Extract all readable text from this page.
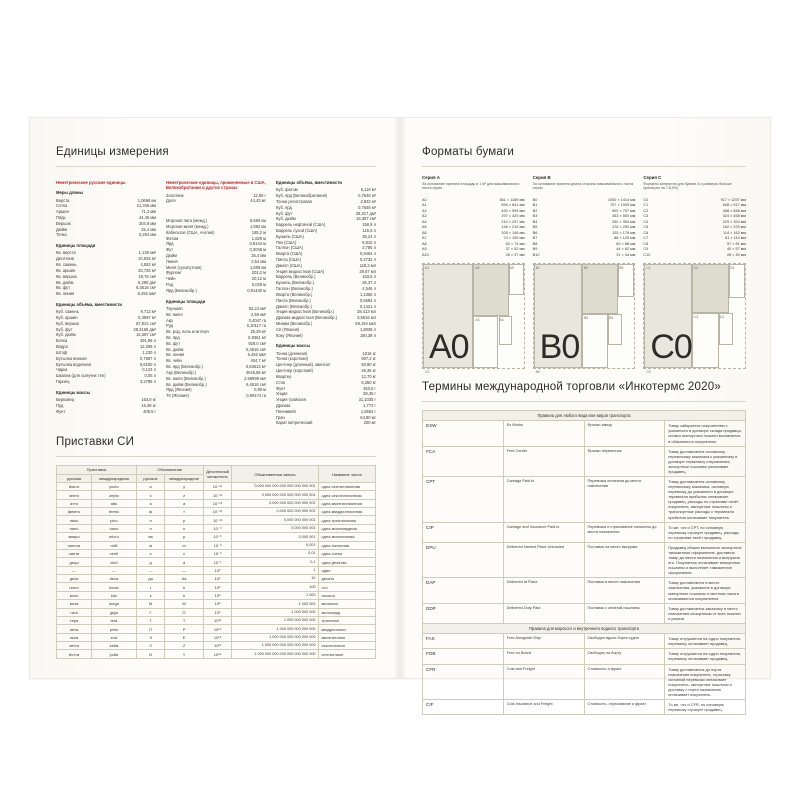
Единицы измерения
Неметрические русские единицы
Меры длины
Верста	1,0668 км
Сотка	21,336 мм
Аршин	71,2 мм
Пядь	44,45 мм
Вершок	304,8 мм
Дюйм	25,4 мм
Точка	0,254 мм
Единицы площади
Кв. верста	1,138 км²
Десятина	10,925 м²
Кв. сажень	4,552 м²
Кв. аршин	33,725 м²
Кв. вершок	19,76 см²
Кв. дюйм	9,290 дм²
Кв. фут	6,4516 см²
Кв. линия	6,452 мм²
Единицы объёма, вместимости
Куб. сажень	9,713 м³
Куб. аршин	0,3597 м³
Куб. вершок	87,824 см³
Куб. фут	28,3168 дм³
Куб. дюйм	16,387 см³
Бочка	491,96 л
Ведро	12,299 л
Штоф	1,230 л
Бутылка винная	0,7687 л
Бутылка водочная	0,6150 л
Чарка	0,123 л
Шкалик (для сыпучих тел)	0,06 л
Гарнец	3,2798 л
Единицы массы
Берковец	163,8 кг
Пуд	16,38 кг
Фунт	409,5 г
Неметрические единицы, применяемые в США, Великобритании и других странах
Золотник	12,80 г
Доля	44,43 мг
Морская лига (межд.)	5,560 км
Морская миля (межд.)	1,852 км
Кабельтов (США, Англия)	185,2 м
Фатом	1,829 м
Ярд	0,9144 м
Фут	0,3048 м
Дюйм	25,4 мм
Линия	2,54 мм
Миля (сухопутная)	1,609 км
Фурлонг	201,2 м
Чейн	20,12 м
Род	5,029 м
Ярд (Великобр.)	0,91440 м
Единицы площади
Тауншип	93,24 км²
Кв. миля	2,59 км²
Акр	0,4047 га
Руд	0,10117 га
Кв. род, поль или перч	25,29 м²
Кв. ярд	0,8361 м²
Кв. фут	929,0 см²
Кв. дюйм	6,4516 см²
Кв. линия	6,452 мм²
Кв. чейн	404,7 м²
Кв. ярд (Великобр.)	0,83613 м²
Акр (Великобр.)	4046,86 м²
Кв. миля (Великобр.)	2,58999 км²
Кв. дюйм (Великобр.)	6,4516 см²
Ярд (Япония)	0,90 м
Тё (Япония)	0,99174 га
Единицы объёма, вместимости
Куб. фатом	6,116 м³
Куб. ярд (Великобритания)	0,7646 м³
Тонна регистровая	2,832 м³
Куб. ярд	0,7646 м³
Куб. фут	28,317 дм³
Куб. дюйм	16,387 см³
Баррель нефтяной (США)	158,9 л
Баррель сухой (США)	115,6 л
Бушель (США)	35,24 л
Пек (США)	8,810 л
Галлон (США)	3,785 л
Кварта (США)	0,9464 л
Пинта (США)	0,4732 л
Джилл (США)	118,3 мл
Унция жидкостная (США)	29,57 мл
Баррель (Великобр.)	163,6 л
Бушель (Великобр.)	36,37 л
Галлон (Великобр.)	4,546 л
Кварта (Великобр.)	1,1365 л
Пинта (Великобр.)	0,5683 л
Джилл (Великобр.)	0,1421 л
Унция жидкостная (Великобр.)	28,413 мл
Драхма жидкостная (Великобр.)	3,5516 мл
Миним (Великобр.)	59,194 мкл
Сё (Япония)	1,8039 л
Коку (Япония)	180,39 л
Единицы массы
Тонна (длинная)	1016 кг
Тонна (короткая)	907,2 кг
Центнер (длинный), квинтал	50,80 кг
Центнер (короткий)	45,36 кг
Квартер	12,70 кг
Стон	6,350 кг
Фунт	453,6 г
Унция	28,35 г
Унция тройская	31,1035 г
Драхма	1,772 г
Пеннивейт	1,5552 г
Гран	64,80 мг
Карат метрический	200 мг
Приставки СИ
Приставка		Обозначение		Десятичный множитель	Обыкновенная запись	Название числа
русская	международная	русское	международное			
йокто	yocto	и	y	10⁻²⁴	0,000 000 000 000 000 000 000 001	одна септиллионная
зепто	zepto	з	z	10⁻²¹	0,000 000 000 000 000 000 001	одна секстиллионная
атто	atto	а	a	10⁻¹⁸	0,000 000 000 000 000 001	одна квинтиллионная
фемто	femto	ф	f	10⁻¹⁵	0,000 000 000 000 001	одна квадриллионная
пико	pico	п	p	10⁻¹²	0,000 000 000 001	одна триллионная
нано	nano	н	n	10⁻⁹	0,000 000 001	одна миллиардная
микро	micro	мк	µ	10⁻⁶	0,000 001	одна миллионная
милли	milli	м	m	10⁻³	0,001	одна тысячная
санти	centi	с	c	10⁻²	0,01	одна сотая
деци	deci	д	d	10⁻¹	0,1	одна десятая
—	—	—	—	10⁰	1	один
дека	deca	да	da	10¹	10	десять
гекто	hecto	г	h	10²	100	сто
кило	kilo	к	k	10³	1 000	тысяча
мега	mega	М	M	10⁶	1 000 000	миллион
гига	giga	Г	G	10⁹	1 000 000 000	миллиард
тера	tera	Т	T	10¹²	1 000 000 000 000	триллион
пета	peta	П	P	10¹⁵	1 000 000 000 000 000	квадриллион
экса	exa	Э	E	10¹⁸	1 000 000 000 000 000 000	квинтиллион
зетта	zetta	З	Z	10²¹	1 000 000 000 000 000 000 000	секстиллион
йотта	yotta	И	Y	10²⁴	1 000 000 000 000 000 000 000 000	септиллион
Форматы бумаги
Серия A
За основание принята площадь в 1 м² для максимального листа серии
A0	841 × 1189 мм
A1	594 × 841 мм
A2	420 × 594 мм
A3	297 × 420 мм
A4	210 × 297 мм
A5	148 × 210 мм
A6	105 × 148 мм
A7	74 × 105 мм
A8	52 × 74 мм
A9	37 × 52 мм
A10	26 × 37 мм
A0
A1	A2
A3	A4
A5
C0
Серия B
За основание принята длина стороны максимального листа серии
B0	1000 × 1414 мм
B1	707 × 1000 мм
B2	500 × 707 мм
B3	353 × 500 мм
B4	250 × 353 мм
B5	176 × 250 мм
B6	125 × 176 мм
B7	88 × 125 мм
B8	62 × 88 мм
B9	44 × 62 мм
B10	31 × 44 мм
B0
B1	B2
B3	B4
B5
B0
Серия C
Форматы конвертов для бумаги A и размеры больше примерно на 7-8,5%)
C0	917 × 1297 мм
C1	648 × 917 мм
C2	458 × 648 мм
C3	324 × 458 мм
C4	229 × 324 мм
C5	162 × 229 мм
C6	114 × 162 мм
C7	81 × 114 мм
C8	57 × 81 мм
C9	40 × 57 мм
C10	28 × 40 мм
C0
C1	C2
C3	C4
C5
C0
Термины международной торговли «Инкотермс 2020»
Правила для любого вида или видов транспорта			
EXW	Ex Works	Франко завод	Товар забирается покупателем с указанного в договоре склада продавца, оплата экспортных пошлин возлагается в обязанность покупателю.
FCA	Free Carrier	Франко перевозчик	Товар доставляется основному перевозчику заказчика к указанному в договоре терминалу отправления, экспортные пошлины уплачивает продавец.
CPT	Carriage Paid to	Перевозка оплачена до места назначения	Товар доставляется основному перевозчику заказчика, основную перевозку до указанного в договоре терминала прибытия оплачивает продавец, расходы по страховке несёт покупатель, импортные пошлины и транспортные расходы с терминала прибытия оплачивает покупатель.
CIP	Carriage and Insurance Paid to	Перевозка и страхование оплачены до места назначения	То же, что и CPT, но основную перевозку страхует продавец, расходы по страховке несёт продавец.
DPU	Delivered Named Place Unloaded	Поставка на место выгрузки	Продавец обязан выполнить экспортное таможенное оформление, доставить товар до места назначения и выгрузить его. Покупатель оплачивает импортные пошлины и выполняет таможенное оформление.
DAP	Delivered at Place	Поставка в месте назначения	Товар доставляется в место назначения, указанное в договоре, импортные пошлины и местная налоги оплачиваются покупателем.
DDP	Delivered Duty Paid	Поставка с оплатой пошлины	Товар доставляется заказчику в место назначения очищенным от всех пошлин и рисков.
Правила для морского и внутреннего водного транспорта			
FAS	Free Alongside Ship	Свободно вдоль борта судна	Товар отгружается на судно покупателя, перевалку оплачивает продавец.
FOB	Free on Board	Свободно на борту	Товар отгружается на судно покупателя, перевалку оплачивает продавец.
CFR	Cost and Freight	Стоимость и фрахт	Товар доставляется до порта назначения покупателя, страховку основной перевозки оплачивает покупатель, импортные пошлины и доставку с порта назначения оплачивает покупатель.
CIF	Cost Insurance and Freight	Стоимость, страхование и фрахт	То же, что и CFR, но основную перевозку страхует продавец.
